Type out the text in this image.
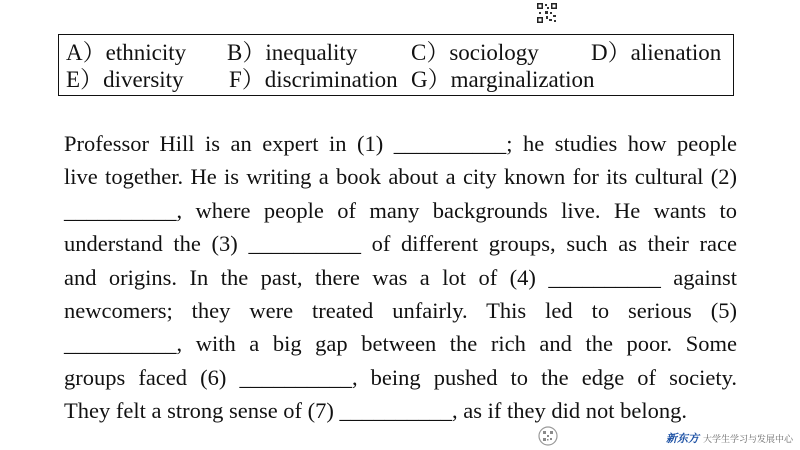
A）ethnicity B）inequality C）sociology D）alienation
E）diversity F）discrimination G）marginalization

Professor Hill is an expert in (1) __________; he studies how people
live together. He is writing a book about a city known for its cultural (2)
__________, where people of many backgrounds live. He wants to
understand the (3) __________ of different groups, such as their race
and origins. In the past, there was a lot of (4) __________ against
newcomers; they were treated unfairly. This led to serious (5)
__________, with a big gap between the rich and the poor. Some
groups faced (6) __________, being pushed to the edge of society.
They felt a strong sense of (7) __________, as if they did not belong.

新东方 大学生学习与发展中心
